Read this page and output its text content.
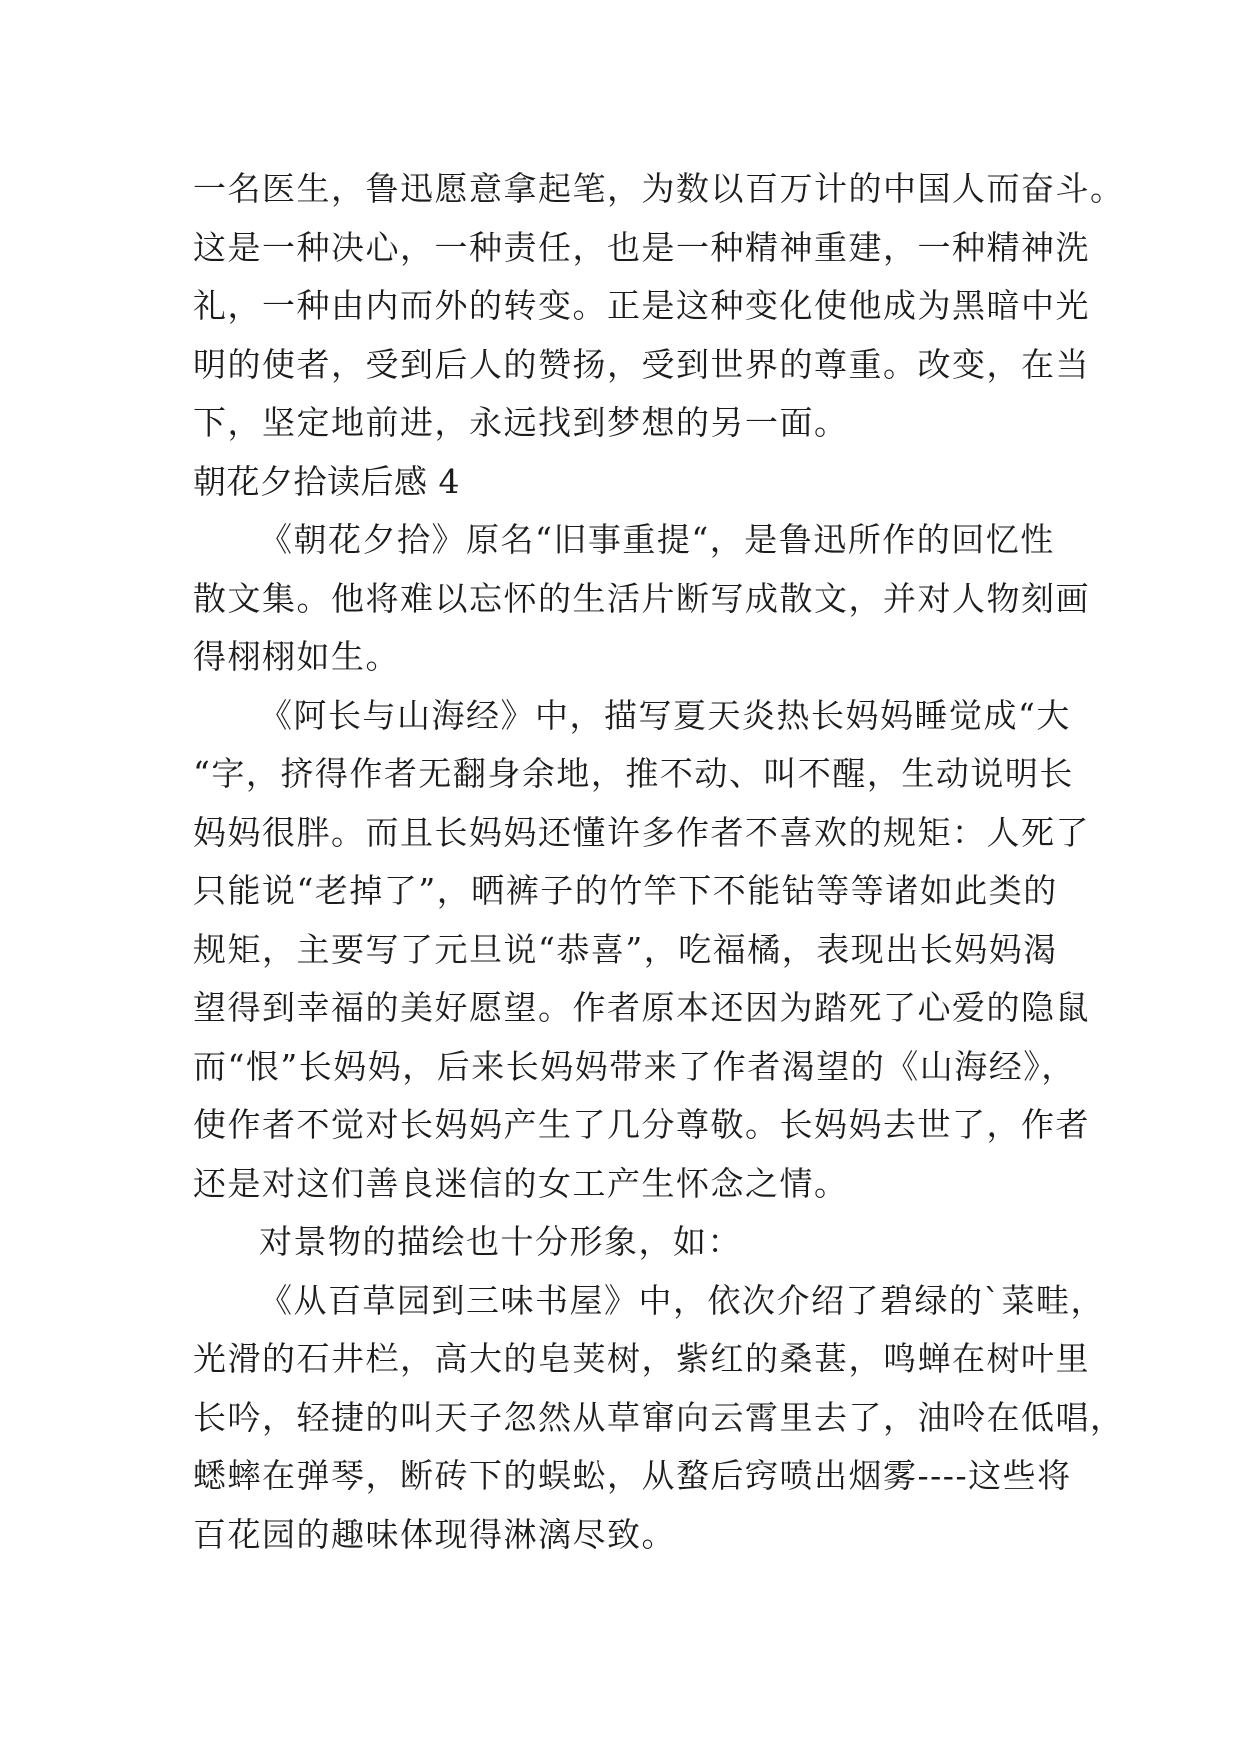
一名医生，鲁迅愿意拿起笔，为数以百万计的中国人而奋斗。
这是一种决心，一种责任，也是一种精神重建，一种精神洗
礼，一种由内而外的转变。正是这种变化使他成为黑暗中光
明的使者，受到后人的赞扬，受到世界的尊重。改变，在当
下，坚定地前进，永远找到梦想的另一面。
朝花夕拾读后感 4
《朝花夕拾》原名“旧事重提“，是鲁迅所作的回忆性
散文集。他将难以忘怀的生活片断写成散文，并对人物刻画
得栩栩如生。
《阿长与山海经》中，描写夏天炎热长妈妈睡觉成“大
“字，挤得作者无翻身余地，推不动、叫不醒，生动说明长
妈妈很胖。而且长妈妈还懂许多作者不喜欢的规矩：人死了
只能说“老掉了”，晒裤子的竹竿下不能钻等等诸如此类的
规矩，主要写了元旦说“恭喜”，吃福橘，表现出长妈妈渴
望得到幸福的美好愿望。作者原本还因为踏死了心爱的隐鼠
而“恨”长妈妈，后来长妈妈带来了作者渴望的《山海经》，
使作者不觉对长妈妈产生了几分尊敬。长妈妈去世了，作者
还是对这们善良迷信的女工产生怀念之情。
对景物的描绘也十分形象，如：
《从百草园到三味书屋》中，依次介绍了碧绿的`菜畦，
光滑的石井栏，高大的皂荚树，紫红的桑葚，鸣蝉在树叶里
长吟，轻捷的叫天子忽然从草窜向云霄里去了，油呤在低唱，
蟋蟀在弹琴，断砖下的蜈蚣，从蝥后窍喷出烟雾----这些将
百花园的趣味体现得淋漓尽致。
